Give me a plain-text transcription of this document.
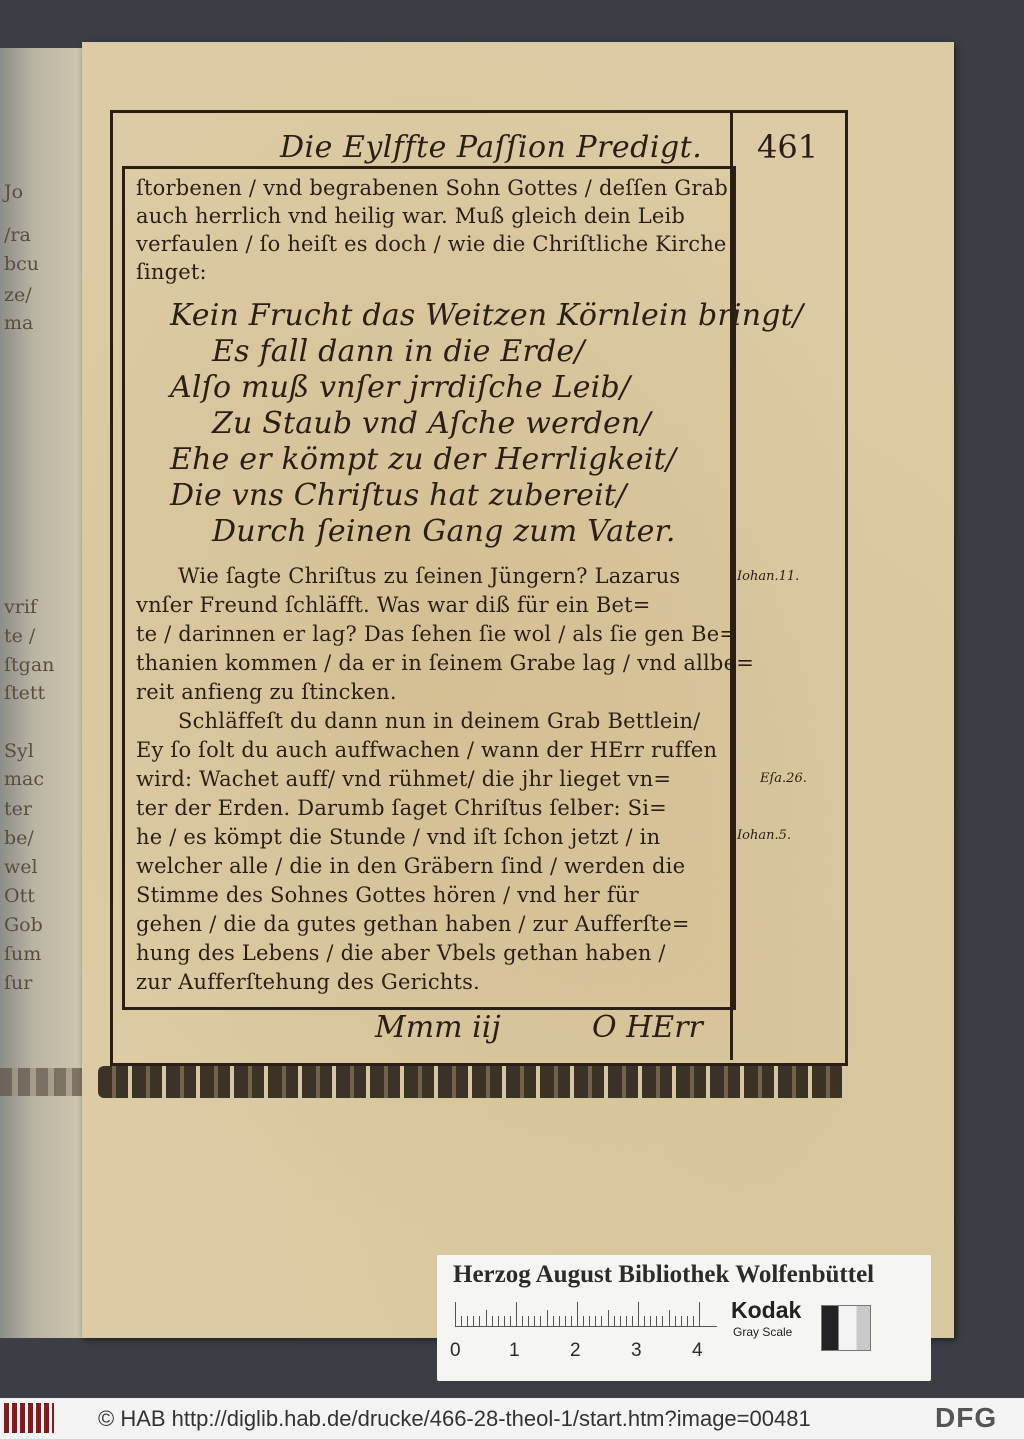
Jo
/ra
bcu
ze/
ma
vrif
te /
ſtgan
ſtett
Syl
mac
ter
be/
wel
Ott
Gob
ſum
ſur
Die Eylffte Paſſion Predigt. 461
ſtorbenen / vnd begrabenen Sohn Gottes / deſſen Grab
auch herrlich vnd heilig war. Muß gleich dein Leib
verfaulen / ſo heiſt es doch / wie die Chriſtliche Kirche
ſinget:
Kein Frucht das Weitzen Körnlein bringt/
Es fall dann in die Erde/
Alſo muß vnſer jrrdiſche Leib/
Zu Staub vnd Aſche werden/
Ehe er kömpt zu der Herrligkeit/
Die vns Chriſtus hat zubereit/
Durch ſeinen Gang zum Vater.
Wie ſagte Chriſtus zu ſeinen Jüngern? Lazarus
vnſer Freund ſchläfft. Was war diß für ein Bet=
te / darinnen er lag? Das ſehen ſie wol / als ſie gen Be=
thanien kommen / da er in ſeinem Grabe lag / vnd allbe=
reit anfieng zu ſtincken.
Schläffeſt du dann nun in deinem Grab Bettlein/
Ey ſo ſolt du auch auffwachen / wann der HErr ruffen
wird: Wachet auff/ vnd rühmet/ die jhr lieget vn=
ter der Erden. Darumb ſaget Chriſtus ſelber: Si=
he / es kömpt die Stunde / vnd iſt ſchon jetzt / in
welcher alle / die in den Gräbern ſind / werden die
Stimme des Sohnes Gottes hören / vnd her für
gehen / die da gutes gethan haben / zur Aufferſte=
hung des Lebens / die aber Vbels gethan haben /
zur Aufferſtehung des Gerichts.
Iohan.11.
Eſa.26.
Iohan.5.
Mmm iij	O HErr
Herzog August Bibliothek Wolfenbüttel
0	1	2	3	4
Kodak
Gray Scale
© HAB http://diglib.hab.de/drucke/466-28-theol-1/start.htm?image=00481	DFG
